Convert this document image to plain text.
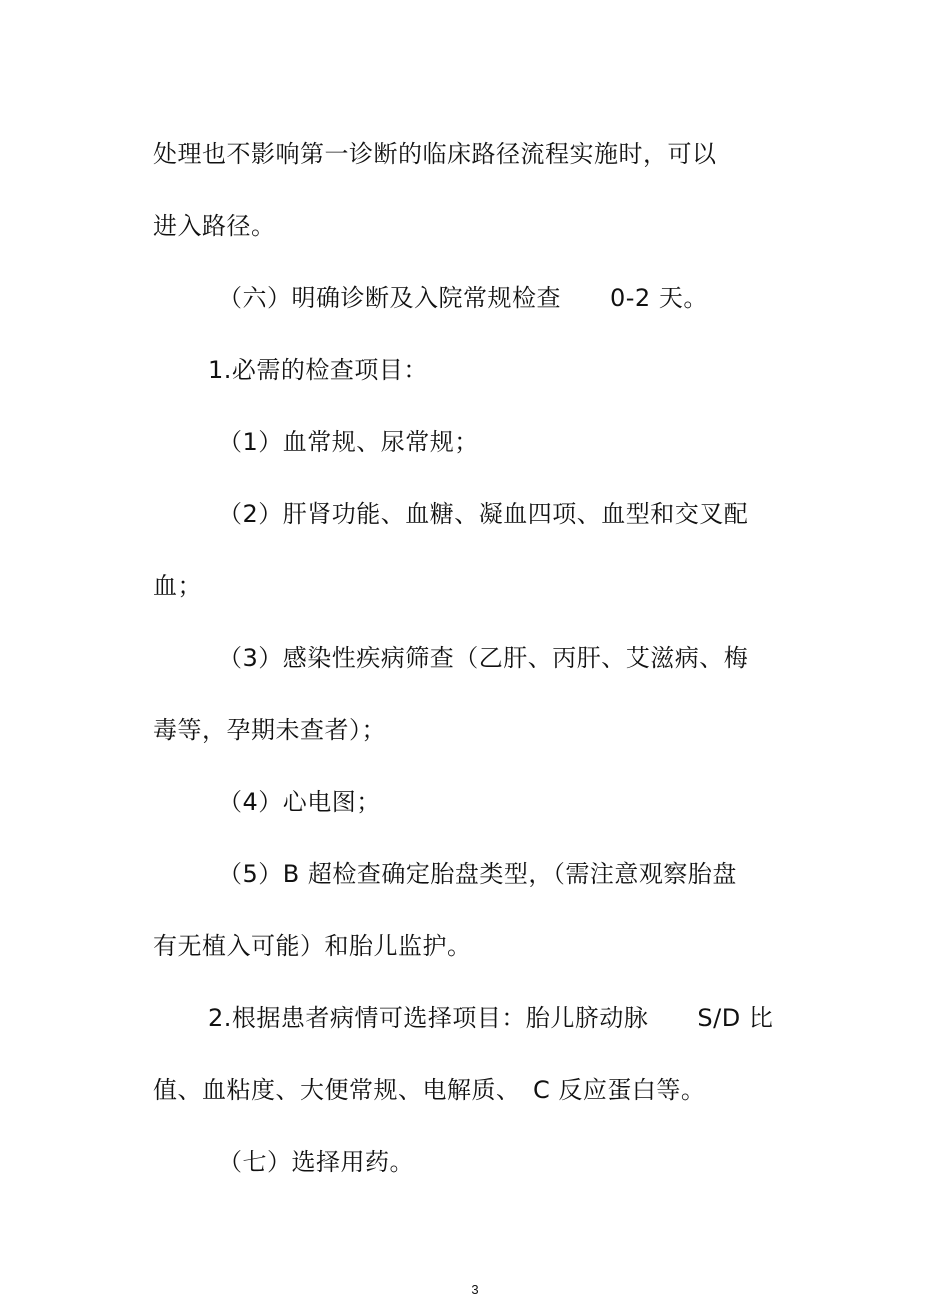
处理也不影响第一诊断的临床路径流程实施时，可以
进入路径。
（六）明确诊断及入院常规检查　　0-2 天。
1.必需的检查项目：
（1）血常规、尿常规；
（2）肝肾功能、血糖、凝血四项、血型和交叉配
血；
（3）感染性疾病筛查（乙肝、丙肝、艾滋病、梅
毒等，孕期未查者）；
（4）心电图；
（5）B 超检查确定胎盘类型，（需注意观察胎盘
有无植入可能）和胎儿监护。
2.根据患者病情可选择项目：胎儿脐动脉　　S/D 比
值、血粘度、大便常规、电解质、　C 反应蛋白等。
（七）选择用药。
3
